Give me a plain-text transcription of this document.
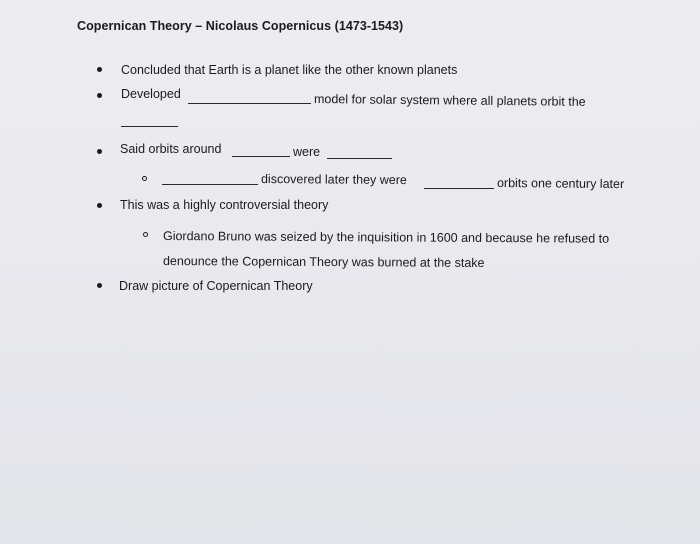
Copernican Theory – Nicolaus Copernicus (1473-1543)
Concluded that Earth is a planet like the other known planets
Developed	model for solar system where all planets orbit the
Said orbits around	were
discovered later they were	orbits one century later
This was a highly controversial theory
Giordano Bruno was seized by the inquisition in 1600 and because he refused to
denounce the Copernican Theory was burned at the stake
Draw picture of Copernican Theory
